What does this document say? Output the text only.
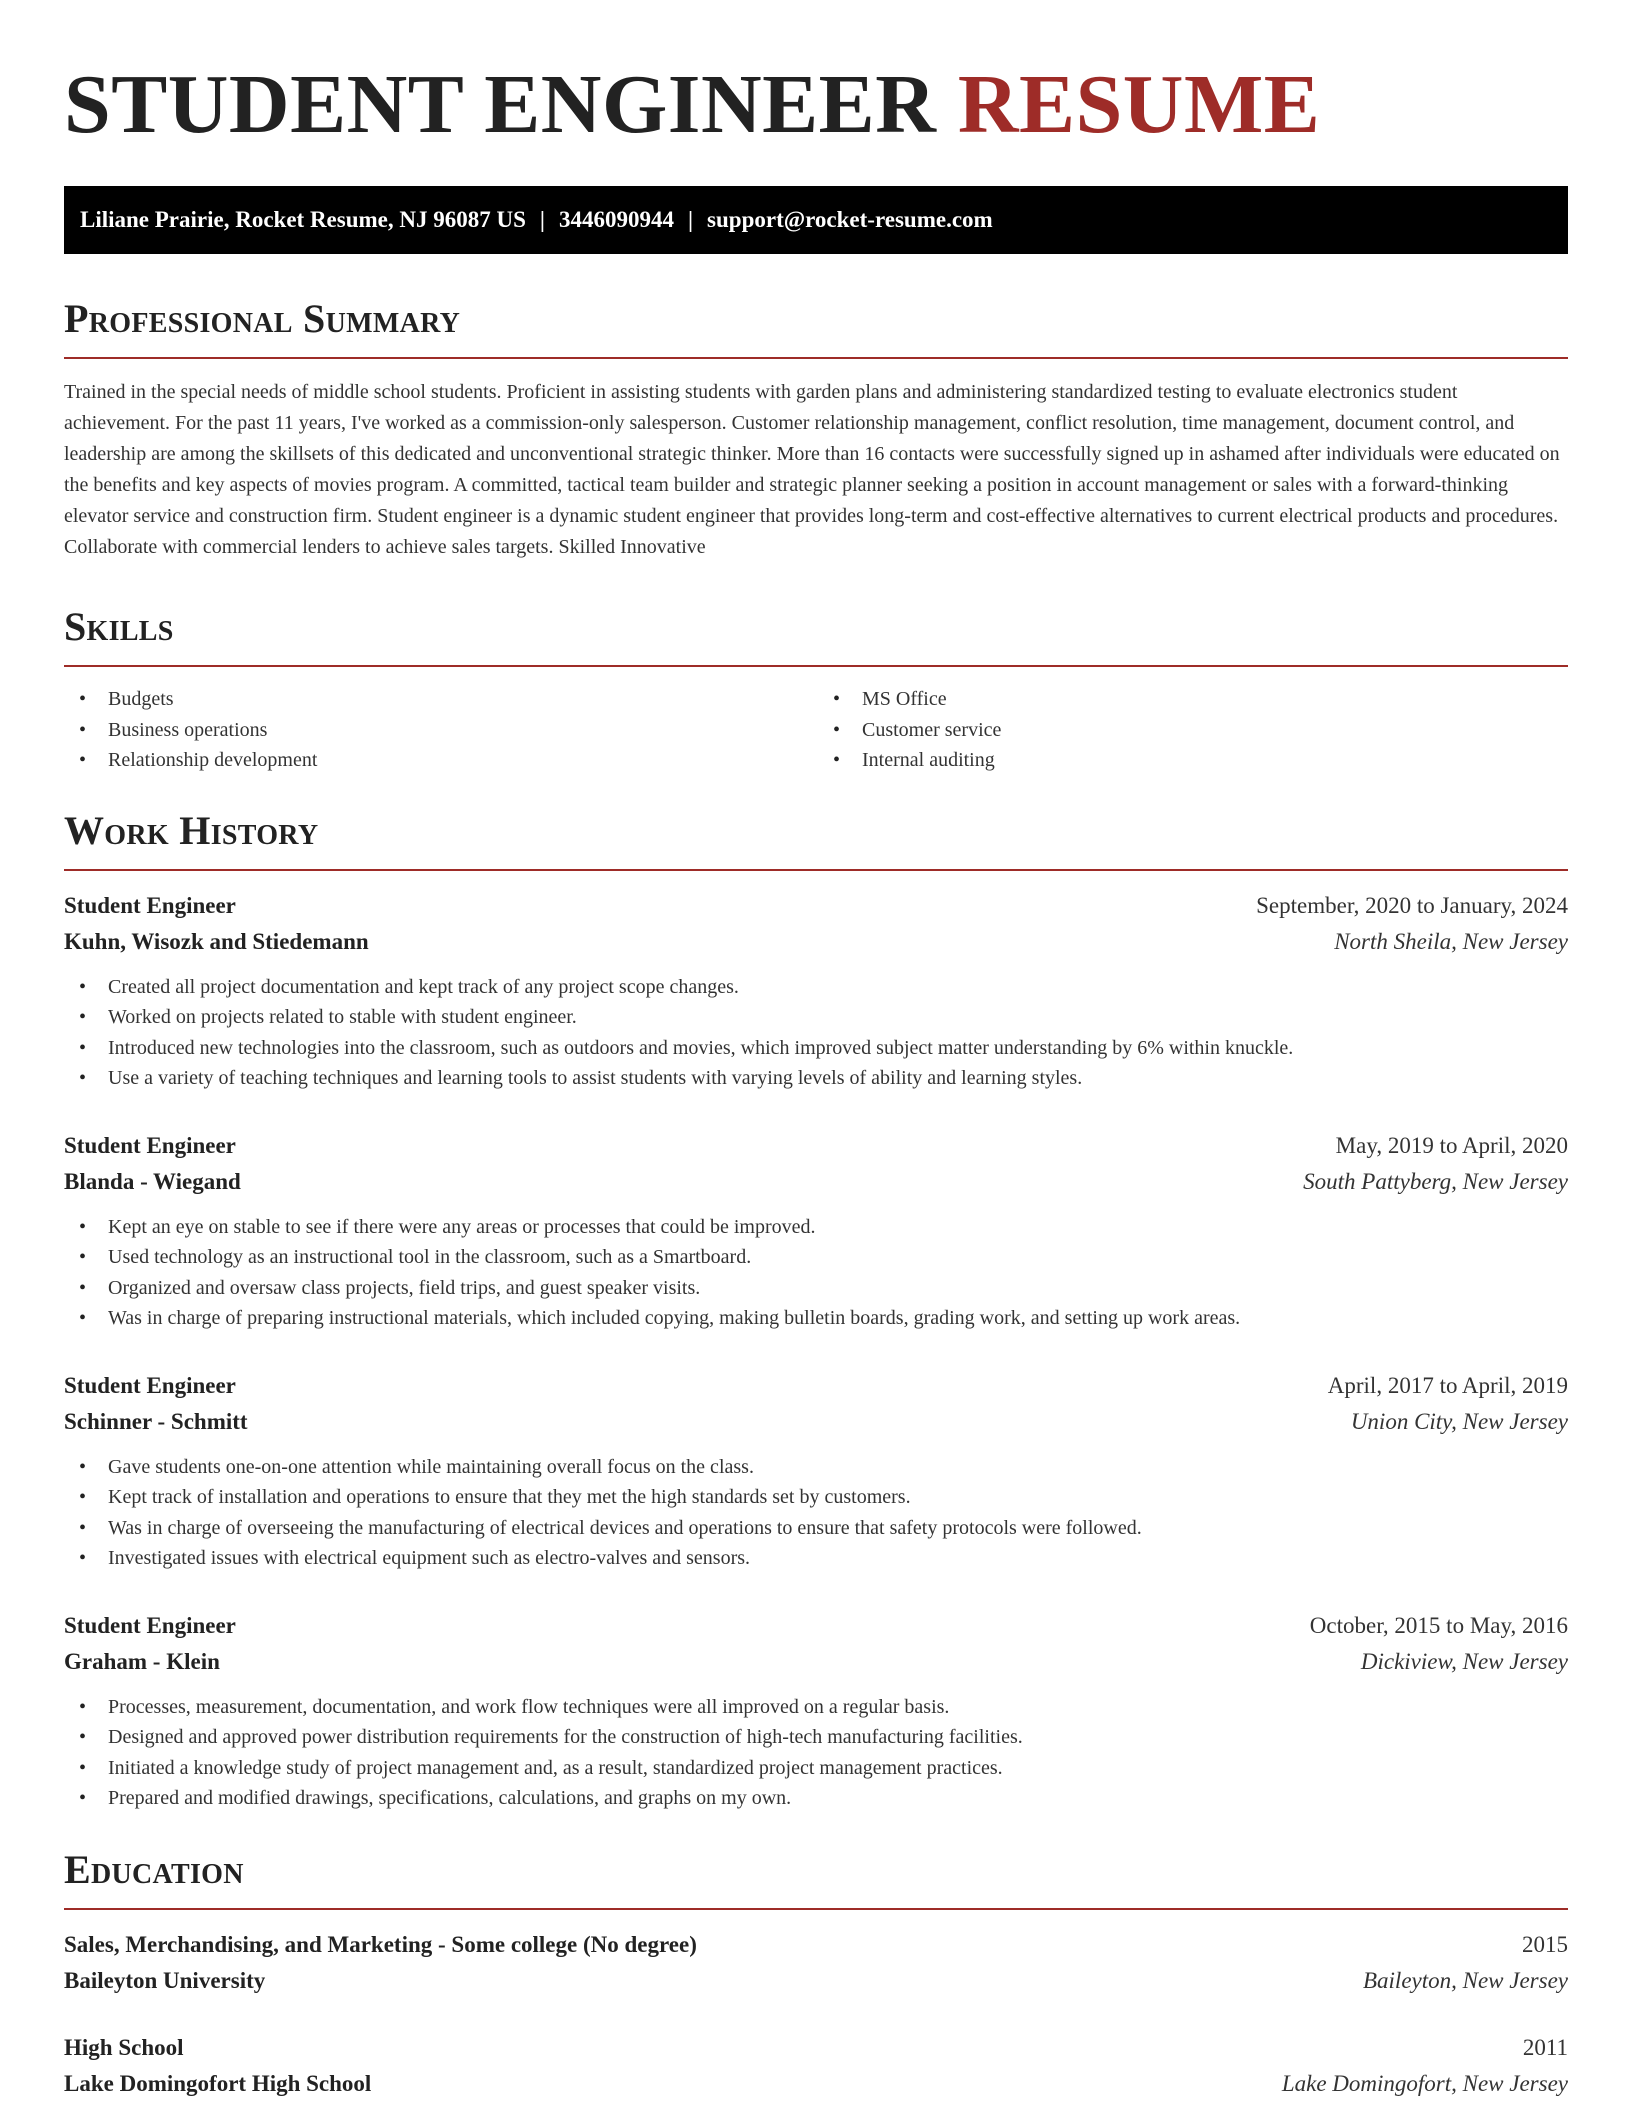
STUDENT ENGINEER RESUME
Liliane Prairie, Rocket Resume, NJ 96087 US | 3446090944 | support@rocket-resume.com
Professional Summary

Trained in the special needs of middle school students. Proficient in assisting students with garden plans and administering standardized testing to evaluate electronics student achievement. For the past 11 years, I've worked as a commission-only salesperson. Customer relationship management, conflict resolution, time management, document control, and leadership are among the skillsets of this dedicated and unconventional strategic thinker. More than 16 contacts were successfully signed up in ashamed after individuals were educated on the benefits and key aspects of movies program. A committed, tactical team builder and strategic planner seeking a position in account management or sales with a forward-thinking elevator service and construction firm. Student engineer is a dynamic student engineer that provides long-term and cost-effective alternatives to current electrical products and procedures. Collaborate with commercial lenders to achieve sales targets. Skilled Innovative

Skills
• Budgets
• Business operations
• Relationship development
• MS Office
• Customer service
• Internal auditing
Work History
Student Engineer	September, 2020 to January, 2024
Kuhn, Wisozk and Stiedemann	North Sheila, New Jersey
• Created all project documentation and kept track of any project scope changes.
• Worked on projects related to stable with student engineer.
• Introduced new technologies into the classroom, such as outdoors and movies, which improved subject matter understanding by 6% within knuckle.
• Use a variety of teaching techniques and learning tools to assist students with varying levels of ability and learning styles.
Student Engineer	May, 2019 to April, 2020
Blanda - Wiegand	South Pattyberg, New Jersey
• Kept an eye on stable to see if there were any areas or processes that could be improved.
• Used technology as an instructional tool in the classroom, such as a Smartboard.
• Organized and oversaw class projects, field trips, and guest speaker visits.
• Was in charge of preparing instructional materials, which included copying, making bulletin boards, grading work, and setting up work areas.
Student Engineer	April, 2017 to April, 2019
Schinner - Schmitt	Union City, New Jersey
• Gave students one-on-one attention while maintaining overall focus on the class.
• Kept track of installation and operations to ensure that they met the high standards set by customers.
• Was in charge of overseeing the manufacturing of electrical devices and operations to ensure that safety protocols were followed.
• Investigated issues with electrical equipment such as electro-valves and sensors.
Student Engineer	October, 2015 to May, 2016
Graham - Klein	Dickiview, New Jersey
• Processes, measurement, documentation, and work flow techniques were all improved on a regular basis.
• Designed and approved power distribution requirements for the construction of high-tech manufacturing facilities.
• Initiated a knowledge study of project management and, as a result, standardized project management practices.
• Prepared and modified drawings, specifications, calculations, and graphs on my own.
Education
Sales, Merchandising, and Marketing - Some college (No degree)	2015
Baileyton University	Baileyton, New Jersey
High School	2011
Lake Domingofort High School	Lake Domingofort, New Jersey
